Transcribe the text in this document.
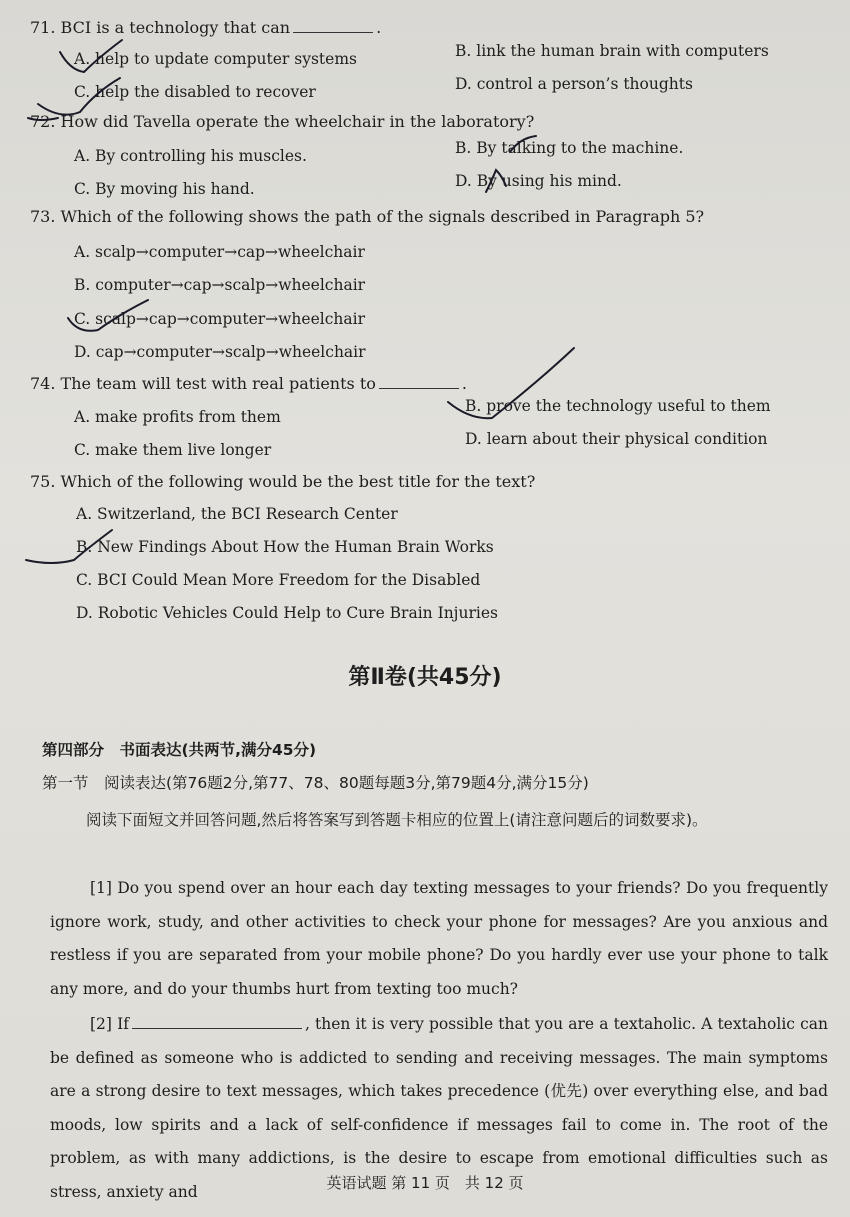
71. BCI is a technology that can	.
A. help to update computer systems	B. link the human brain with computers
C. help the disabled to recover	D. control a person’s thoughts
72. How did Tavella operate the wheelchair in the laboratory?
A. By controlling his muscles.	B. By talking to the machine.
C. By moving his hand.	D. By using his mind.
73. Which of the following shows the path of the signals described in Paragraph 5?
A. scalp→computer→cap→wheelchair
B. computer→cap→scalp→wheelchair
C. scalp→cap→computer→wheelchair
D. cap→computer→scalp→wheelchair
74. The team will test with real patients to	.
A. make profits from them
B. prove the technology useful to them
C. make them live longer
D. learn about their physical condition
75. Which of the following would be the best title for the text?
A. Switzerland, the BCI Research Center
B. New Findings About How the Human Brain Works
C. BCI Could Mean More Freedom for the Disabled
D. Robotic Vehicles Could Help to Cure Brain Injuries
第Ⅱ卷(共45分)
第四部分　书面表达(共两节,满分45分)
第一节　阅读表达(第76题2分,第77、78、80题每题3分,第79题4分,满分15分)
阅读下面短文并回答问题,然后将答案写到答题卡相应的位置上(请注意问题后的词数要求)。
[1] Do you spend over an hour each day texting messages to your friends? Do you frequently ignore work, study, and other activities to check your phone for messages? Are you anxious and restless if you are separated from your mobile phone? Do you hardly ever use your phone to talk any more, and do your thumbs hurt from texting too much?
[2] If	, then it is very possible that you are a textaholic. A textaholic can be defined as someone who is addicted to sending and receiving messages. The main symptoms are a strong desire to text messages, which takes precedence (优先) over everything else, and bad moods, low spirits and a lack of self-confidence if messages fail to come in. The root of the problem, as with many addictions, is the desire to escape from emotional difficulties such as stress, anxiety and	英语试题 第 11 页　共 12 页
